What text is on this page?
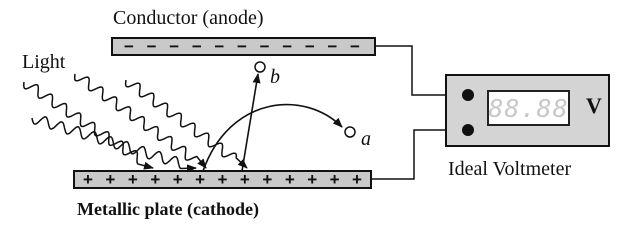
− − − − − − − − − − −
+ + + + + + + + + + + + +
Conductor (anode)
Light
Metallic plate (cathode)
Ideal Voltmeter
b
a
88.88 V
